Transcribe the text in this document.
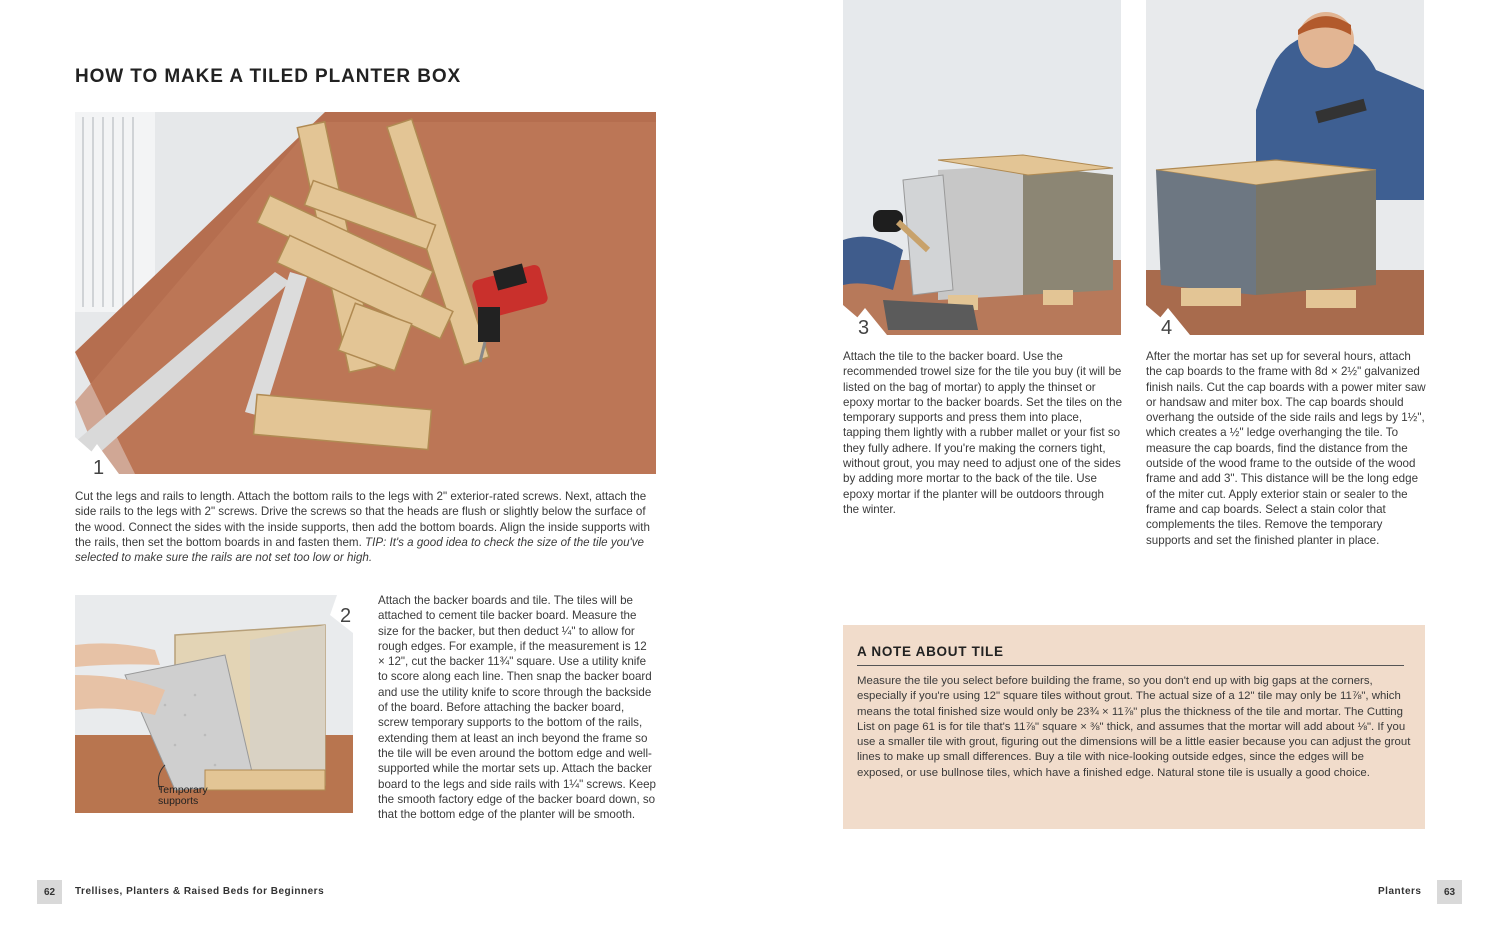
HOW TO MAKE A TILED PLANTER BOX
1
Cut the legs and rails to length. Attach the bottom rails to the legs with 2" exterior-rated screws. Next, attach the side rails to the legs with 2" screws. Drive the screws so that the heads are flush or slightly below the surface of the wood. Connect the sides with the inside supports, then add the bottom boards. Align the inside supports with the rails, then set the bottom boards in and fasten them. TIP: It's a good idea to check the size of the tile you've selected to make sure the rails are not set too low or high.
2
Temporary supports
Attach the backer boards and tile. The tiles will be attached to cement tile backer board. Measure the size for the backer, but then deduct ¼" to allow for rough edges. For example, if the measurement is 12 × 12", cut the backer 11¾" square. Use a utility knife to score along each line. Then snap the backer board and use the utility knife to score through the backside of the board. Before attaching the backer board, screw temporary supports to the bottom of the rails, extending them at least an inch beyond the frame so the tile will be even around the bottom edge and well-supported while the mortar sets up. Attach the backer board to the legs and side rails with 1¼" screws. Keep the smooth factory edge of the backer board down, so that the bottom edge of the planter will be smooth.
3
Attach the tile to the backer board. Use the recommended trowel size for the tile you buy (it will be listed on the bag of mortar) to apply the thinset or epoxy mortar to the backer boards. Set the tiles on the temporary supports and press them into place, tapping them lightly with a rubber mallet or your fist so they fully adhere. If you're making the corners tight, without grout, you may need to adjust one of the sides by adding more mortar to the back of the tile. Use epoxy mortar if the planter will be outdoors through the winter.
4
After the mortar has set up for several hours, attach the cap boards to the frame with 8d × 2½" galvanized finish nails. Cut the cap boards with a power miter saw or handsaw and miter box. The cap boards should overhang the outside of the side rails and legs by 1½", which creates a ½" ledge overhanging the tile. To measure the cap boards, find the distance from the outside of the wood frame to the outside of the wood frame and add 3". This distance will be the long edge of the miter cut. Apply exterior stain or sealer to the frame and cap boards. Select a stain color that complements the tiles. Remove the temporary supports and set the finished planter in place.
A NOTE ABOUT TILE
Measure the tile you select before building the frame, so you don't end up with big gaps at the corners, especially if you're using 12" square tiles without grout. The actual size of a 12" tile may only be 11⅞", which means the total finished size would only be 23¾ × 11⅞" plus the thickness of the tile and mortar. The Cutting List on page 61 is for tile that's 11⅞" square × ⅜" thick, and assumes that the mortar will add about ⅛". If you use a smaller tile with grout, figuring out the dimensions will be a little easier because you can adjust the grout lines to make up small differences. Buy a tile with nice-looking outside edges, since the edges will be exposed, or use bullnose tiles, which have a finished edge. Natural stone tile is usually a good choice.
62	Trellises, Planters & Raised Beds for Beginners	Planters	63
